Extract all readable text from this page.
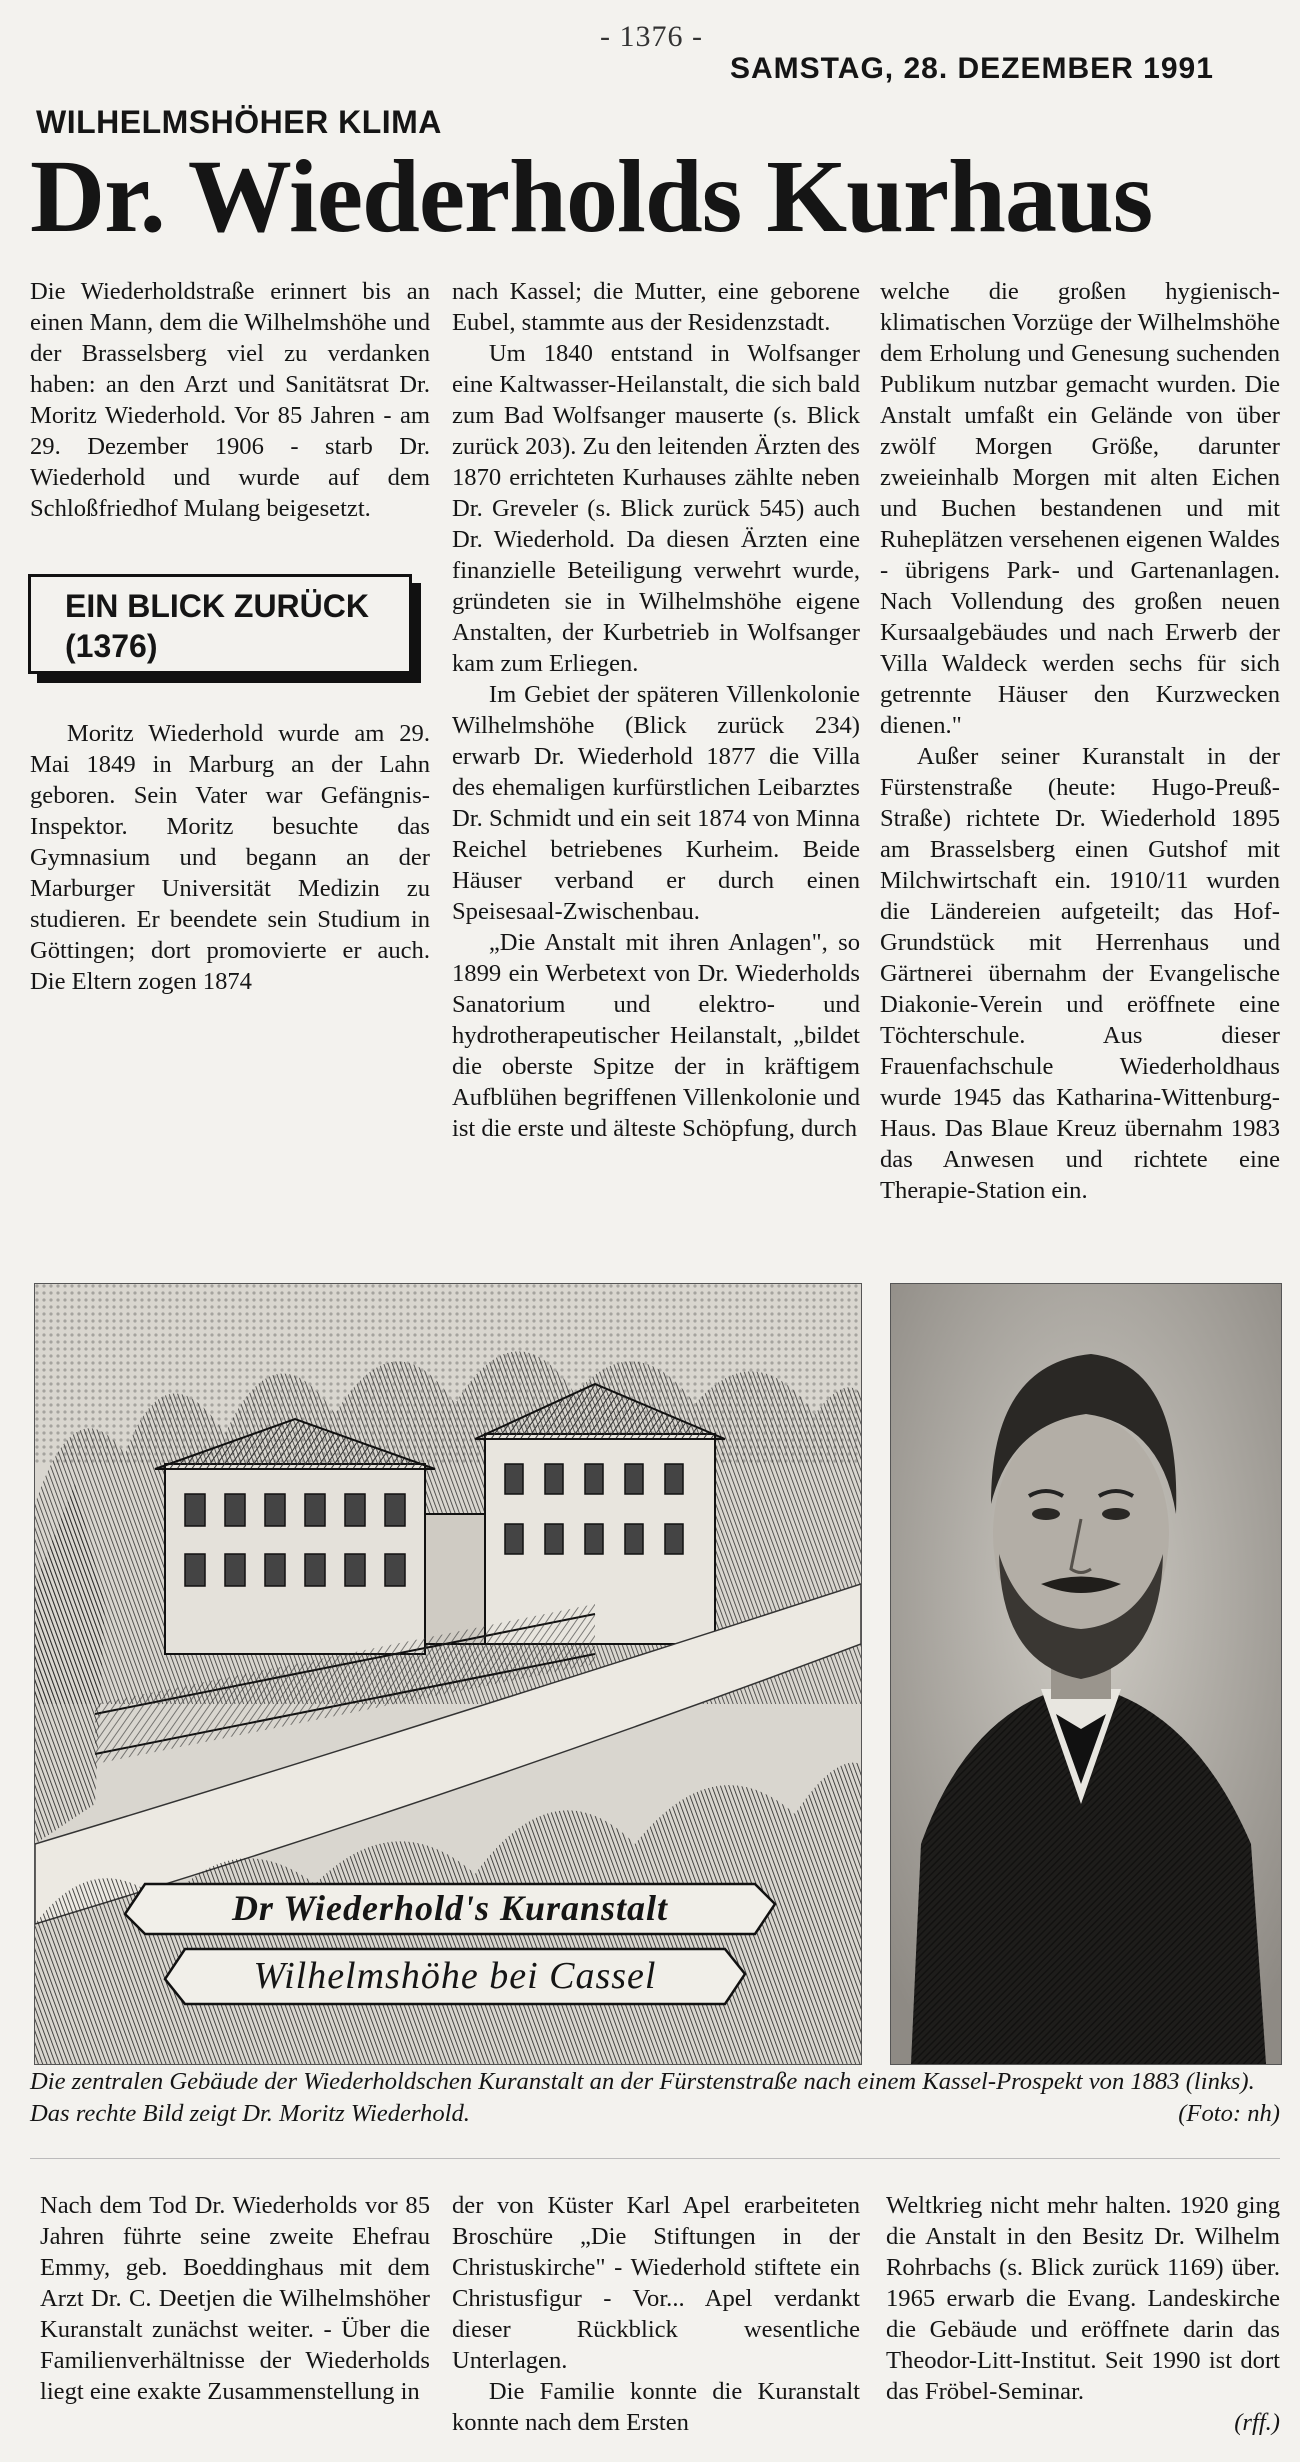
- 1376 -
SAMSTAG, 28. DEZEMBER 1991
WILHELMSHÖHER KLIMA
Dr. Wiederholds Kurhaus

Die Wiederholdstraße erinnert bis an einen Mann, dem die Wilhelmshöhe und der Brasselsberg viel zu verdanken haben: an den Arzt und Sanitätsrat Dr. Moritz Wiederhold. Vor 85 Jahren - am 29. Dezember 1906 - starb Dr. Wiederhold und wurde auf dem Schloßfriedhof Mulang beigesetzt.

EIN BLICK ZURÜCK
(1376)

Moritz Wiederhold wurde am 29. Mai 1849 in Marburg an der Lahn geboren. Sein Vater war Gefängnis-Inspektor. Moritz besuchte das Gymnasium und begann an der Marburger Universität Medizin zu studieren. Er beendete sein Studium in Göttingen; dort promovierte er auch. Die Eltern zogen 1874

nach Kassel; die Mutter, eine geborene Eubel, stammte aus der Residenzstadt.

Um 1840 entstand in Wolfsanger eine Kaltwasser-Heilanstalt, die sich bald zum Bad Wolfsanger mauserte (s. Blick zurück 203). Zu den leitenden Ärzten des 1870 errichteten Kurhauses zählte neben Dr. Greveler (s. Blick zurück 545) auch Dr. Wiederhold. Da diesen Ärzten eine finanzielle Beteiligung verwehrt wurde, gründeten sie in Wilhelmshöhe eigene Anstalten, der Kurbetrieb in Wolfsanger kam zum Erliegen.

Im Gebiet der späteren Villenkolonie Wilhelmshöhe (Blick zurück 234) erwarb Dr. Wiederhold 1877 die Villa des ehemaligen kurfürstlichen Leibarztes Dr. Schmidt und ein seit 1874 von Minna Reichel betriebenes Kurheim. Beide Häuser verband er durch einen Speisesaal-Zwischenbau.

„Die Anstalt mit ihren Anlagen", so 1899 ein Werbetext von Dr. Wiederholds Sanatorium und elektro- und hydrotherapeutischer Heilanstalt, „bildet die oberste Spitze der in kräftigem Aufblühen begriffenen Villenkolonie und ist die erste und älteste Schöpfung, durch

welche die großen hygienisch-klimatischen Vorzüge der Wilhelmshöhe dem Erholung und Genesung suchenden Publikum nutzbar gemacht wurden. Die Anstalt umfaßt ein Gelände von über zwölf Morgen Größe, darunter zweieinhalb Morgen mit alten Eichen und Buchen bestandenen und mit Ruheplätzen versehenen eigenen Waldes - übrigens Park- und Gartenanlagen. Nach Vollendung des großen neuen Kursaalgebäudes und nach Erwerb der Villa Waldeck werden sechs für sich getrennte Häuser den Kurzwecken dienen."

Außer seiner Kuranstalt in der Fürstenstraße (heute: Hugo-Preuß-Straße) richtete Dr. Wiederhold 1895 am Brasselsberg einen Gutshof mit Milchwirtschaft ein. 1910/11 wurden die Ländereien aufgeteilt; das Hof-Grundstück mit Herrenhaus und Gärtnerei übernahm der Evangelische Diakonie-Verein und eröffnete eine Töchterschule. Aus dieser Frauenfachschule Wiederholdhaus wurde 1945 das Katharina-Wittenburg-Haus. Das Blaue Kreuz übernahm 1983 das Anwesen und richtete eine Therapie-Station ein.

Dr Wiederhold's Kuranstalt
Wilhelmshöhe bei Cassel
Die zentralen Gebäude der Wiederholdschen Kuranstalt an der Fürstenstraße nach einem Kassel-Prospekt von 1883 (links). Das rechte Bild zeigt Dr. Moritz Wiederhold.	(Foto: nh)

Nach dem Tod Dr. Wiederholds vor 85 Jahren führte seine zweite Ehefrau Emmy, geb. Boeddinghaus mit dem Arzt Dr. C. Deetjen die Wilhelmshöher Kuranstalt zunächst weiter. - Über die Familienverhältnisse der Wiederholds liegt eine exakte Zusammenstellung in

der von Küster Karl Apel erarbeiteten Broschüre „Die Stiftungen in der Christuskirche" - Wiederhold stiftete ein Christusfigur - Vor... Apel verdankt dieser Rückblick wesentliche Unterlagen.

Die Familie konnte die Kuranstalt konnte nach dem Ersten

Weltkrieg nicht mehr halten. 1920 ging die Anstalt in den Besitz Dr. Wilhelm Rohrbachs (s. Blick zurück 1169) über. 1965 erwarb die Evang. Landeskirche die Gebäude und eröffnete darin das Theodor-Litt-Institut. Seit 1990 ist dort das Fröbel-Seminar.

(rff.)
